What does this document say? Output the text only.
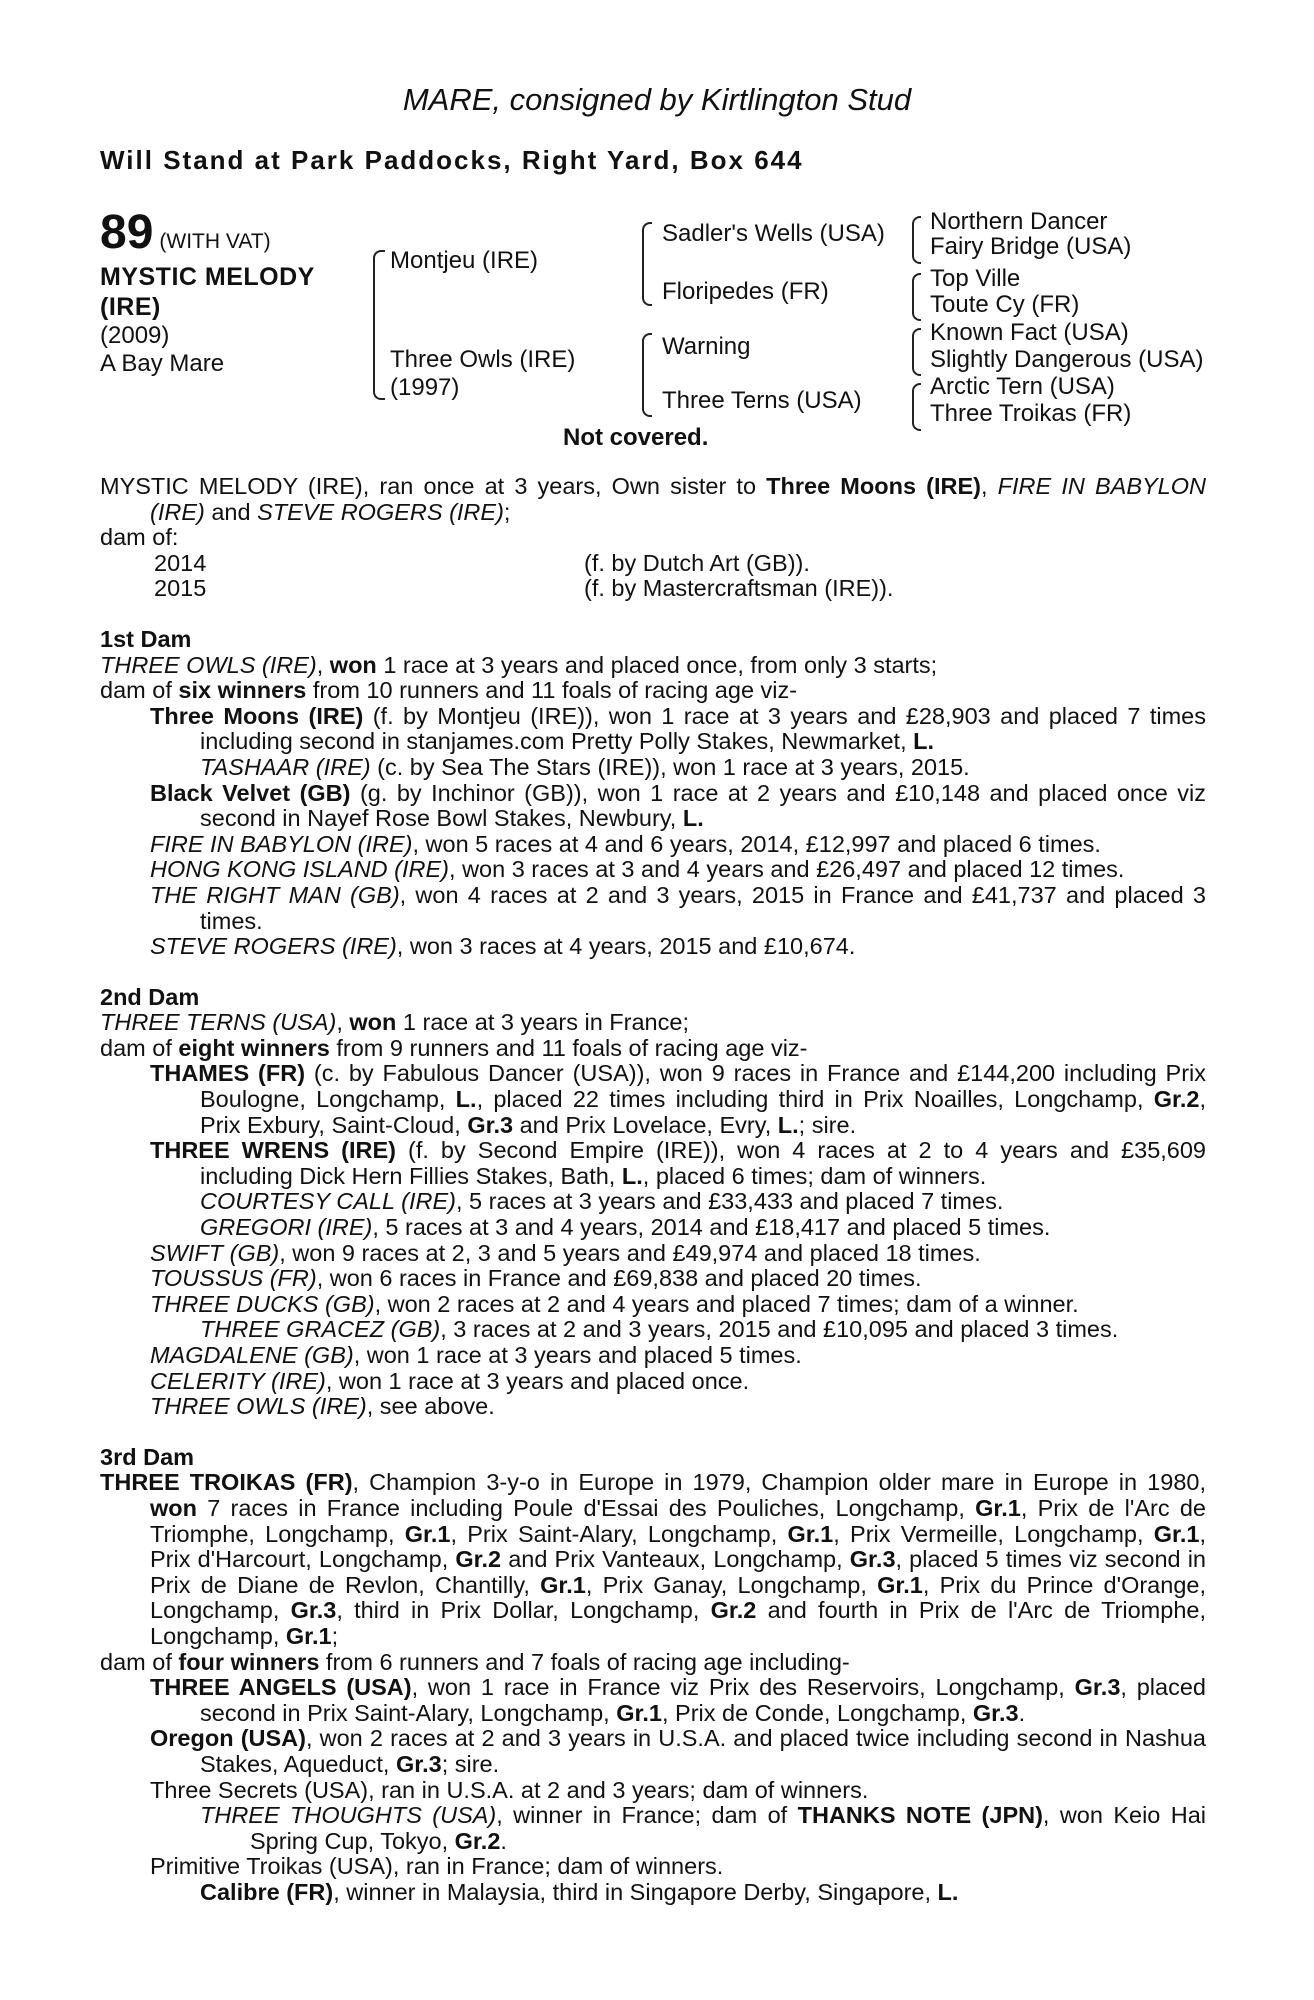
MARE, consigned by Kirtlington Stud
Will Stand at Park Paddocks, Right Yard, Box 644
89 (WITH VAT)
MYSTIC MELODY
(IRE)
(2009)
A Bay Mare
Montjeu (IRE)
Three Owls (IRE)
(1997)
Sadler's Wells (USA)
Floripedes (FR)
Warning
Three Terns (USA)
Northern Dancer
Fairy Bridge (USA)
Top Ville
Toute Cy (FR)
Known Fact (USA)
Slightly Dangerous (USA)
Arctic Tern (USA)
Three Troikas (FR)
Not covered.

MYSTIC MELODY (IRE), ran once at 3 years, Own sister to Three Moons (IRE), FIRE IN BABYLON (IRE) and STEVE ROGERS (IRE);

dam of:
2014	(f. by Dutch Art (GB)).
2015	(f. by Mastercraftsman (IRE)).
1st Dam

THREE OWLS (IRE), won 1 race at 3 years and placed once, from only 3 starts;

dam of six winners from 10 runners and 11 foals of racing age viz-

Three Moons (IRE) (f. by Montjeu (IRE)), won 1 race at 3 years and £28,903 and placed 7 times including second in stanjames.com Pretty Polly Stakes, Newmarket, L.

TASHAAR (IRE) (c. by Sea The Stars (IRE)), won 1 race at 3 years, 2015.

Black Velvet (GB) (g. by Inchinor (GB)), won 1 race at 2 years and £10,148 and placed once viz second in Nayef Rose Bowl Stakes, Newbury, L.

FIRE IN BABYLON (IRE), won 5 races at 4 and 6 years, 2014, £12,997 and placed 6 times.

HONG KONG ISLAND (IRE), won 3 races at 3 and 4 years and £26,497 and placed 12 times.

THE RIGHT MAN (GB), won 4 races at 2 and 3 years, 2015 in France and £41,737 and placed 3 times.

STEVE ROGERS (IRE), won 3 races at 4 years, 2015 and £10,674.

2nd Dam

THREE TERNS (USA), won 1 race at 3 years in France;

dam of eight winners from 9 runners and 11 foals of racing age viz-

THAMES (FR) (c. by Fabulous Dancer (USA)), won 9 races in France and £144,200 including Prix Boulogne, Longchamp, L., placed 22 times including third in Prix Noailles, Longchamp, Gr.2, Prix Exbury, Saint-Cloud, Gr.3 and Prix Lovelace, Evry, L.; sire.

THREE WRENS (IRE) (f. by Second Empire (IRE)), won 4 races at 2 to 4 years and £35,609 including Dick Hern Fillies Stakes, Bath, L., placed 6 times; dam of winners.

COURTESY CALL (IRE), 5 races at 3 years and £33,433 and placed 7 times.

GREGORI (IRE), 5 races at 3 and 4 years, 2014 and £18,417 and placed 5 times.

SWIFT (GB), won 9 races at 2, 3 and 5 years and £49,974 and placed 18 times.

TOUSSUS (FR), won 6 races in France and £69,838 and placed 20 times.

THREE DUCKS (GB), won 2 races at 2 and 4 years and placed 7 times; dam of a winner.

THREE GRACEZ (GB), 3 races at 2 and 3 years, 2015 and £10,095 and placed 3 times.

MAGDALENE (GB), won 1 race at 3 years and placed 5 times.

CELERITY (IRE), won 1 race at 3 years and placed once.

THREE OWLS (IRE), see above.

3rd Dam

THREE TROIKAS (FR), Champion 3-y-o in Europe in 1979, Champion older mare in Europe in 1980, won 7 races in France including Poule d'Essai des Pouliches, Longchamp, Gr.1, Prix de l'Arc de Triomphe, Longchamp, Gr.1, Prix Saint-Alary, Longchamp, Gr.1, Prix Vermeille, Longchamp, Gr.1, Prix d'Harcourt, Longchamp, Gr.2 and Prix Vanteaux, Longchamp, Gr.3, placed 5 times viz second in Prix de Diane de Revlon, Chantilly, Gr.1, Prix Ganay, Longchamp, Gr.1, Prix du Prince d'Orange, Longchamp, Gr.3, third in Prix Dollar, Longchamp, Gr.2 and fourth in Prix de l'Arc de Triomphe, Longchamp, Gr.1;

dam of four winners from 6 runners and 7 foals of racing age including-

THREE ANGELS (USA), won 1 race in France viz Prix des Reservoirs, Longchamp, Gr.3, placed second in Prix Saint-Alary, Longchamp, Gr.1, Prix de Conde, Longchamp, Gr.3.

Oregon (USA), won 2 races at 2 and 3 years in U.S.A. and placed twice including second in Nashua Stakes, Aqueduct, Gr.3; sire.

Three Secrets (USA), ran in U.S.A. at 2 and 3 years; dam of winners.

THREE THOUGHTS (USA), winner in France; dam of THANKS NOTE (JPN), won Keio Hai Spring Cup, Tokyo, Gr.2.

Primitive Troikas (USA), ran in France; dam of winners.

Calibre (FR), winner in Malaysia, third in Singapore Derby, Singapore, L.
